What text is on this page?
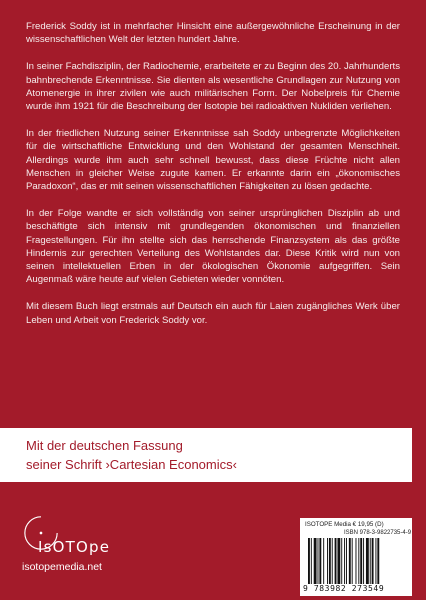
Frederick Soddy ist in mehrfacher Hinsicht eine außergewöhnliche Erscheinung in der wissenschaftlichen Welt der letzten hundert Jahre.

In seiner Fachdisziplin, der Radiochemie, erarbeitete er zu Beginn des 20. Jahrhunderts bahnbrechende Erkenntnisse. Sie dienten als wesentliche Grundlagen zur Nutzung von Atomenergie in ihrer zivilen wie auch militärischen Form. Der Nobelpreis für Chemie wurde ihm 1921 für die Beschreibung der Isotopie bei radioaktiven Nukliden verliehen.

In der friedlichen Nutzung seiner Erkenntnisse sah Soddy unbegrenzte Möglichkeiten für die wirtschaftliche Entwicklung und den Wohlstand der gesamten Menschheit. Allerdings wurde ihm auch sehr schnell bewusst, dass diese Früchte nicht allen Menschen in gleicher Weise zugute kamen. Er erkannte darin ein „ökonomisches Paradoxon“, das er mit seinen wissenschaftlichen Fähigkeiten zu lösen gedachte.

In der Folge wandte er sich vollständig von seiner ursprünglichen Disziplin ab und beschäftigte sich intensiv mit grundlegenden ökonomischen und finanziellen Fragestellungen. Für ihn stellte sich das herrschende Finanzsystem als das größte Hindernis zur gerechten Verteilung des Wohlstandes dar. Diese Kritik wird nun von seinen intellektuellen Erben in der ökologischen Ökonomie aufgegriffen. Sein Augenmaß wäre heute auf vielen Gebieten wieder vonnöten.

Mit diesem Buch liegt erstmals auf Deutsch ein auch für Laien zugängliches Werk über Leben und Arbeit von Frederick Soddy vor.

Mit der deutschen Fassung
seiner Schrift ›Cartesian Economics‹
IsOTOpe
isotopemedia.net
ISOTOPE Media € 19,95 (D)
ISBN 978-3-9822735-4-9
9 783982 273549
